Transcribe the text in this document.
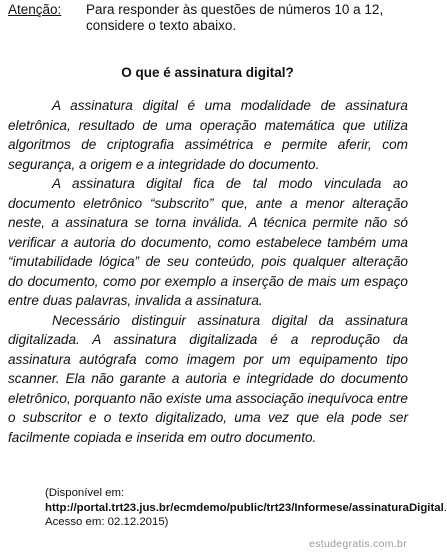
Atenção: Para responder às questões de números 10 a 12, considere o texto abaixo.
O que é assinatura digital?

A assinatura digital é uma modalidade de assinatura eletrônica, resultado de uma operação matemática que utiliza algoritmos de criptografia assimétrica e permite aferir, com segurança, a origem e a integridade do documento.

A assinatura digital fica de tal modo vinculada ao documento eletrônico “subscrito” que, ante a menor alteração neste, a assinatura se torna inválida. A técnica permite não só verificar a autoria do documento, como estabelece também uma “imutabilidade lógica” de seu conteúdo, pois qualquer alteração do documento, como por exemplo a inserção de mais um espaço entre duas palavras, invalida a assinatura.

Necessário distinguir assinatura digital da assinatura digitalizada. A assinatura digitalizada é a reprodução da assinatura autógrafa como imagem por um equipamento tipo scanner. Ela não garante a autoria e integridade do documento eletrônico, porquanto não existe uma associação inequívoca entre o subscritor e o texto digitalizado, uma vez que ela pode ser facilmente copiada e inserida em outro documento.

(Disponível em: http://portal.trt23.jus.br/ecmdemo/public/trt23/Informese/assinaturaDigital. Acesso em: 02.12.2015)
estudegratis.com.br
